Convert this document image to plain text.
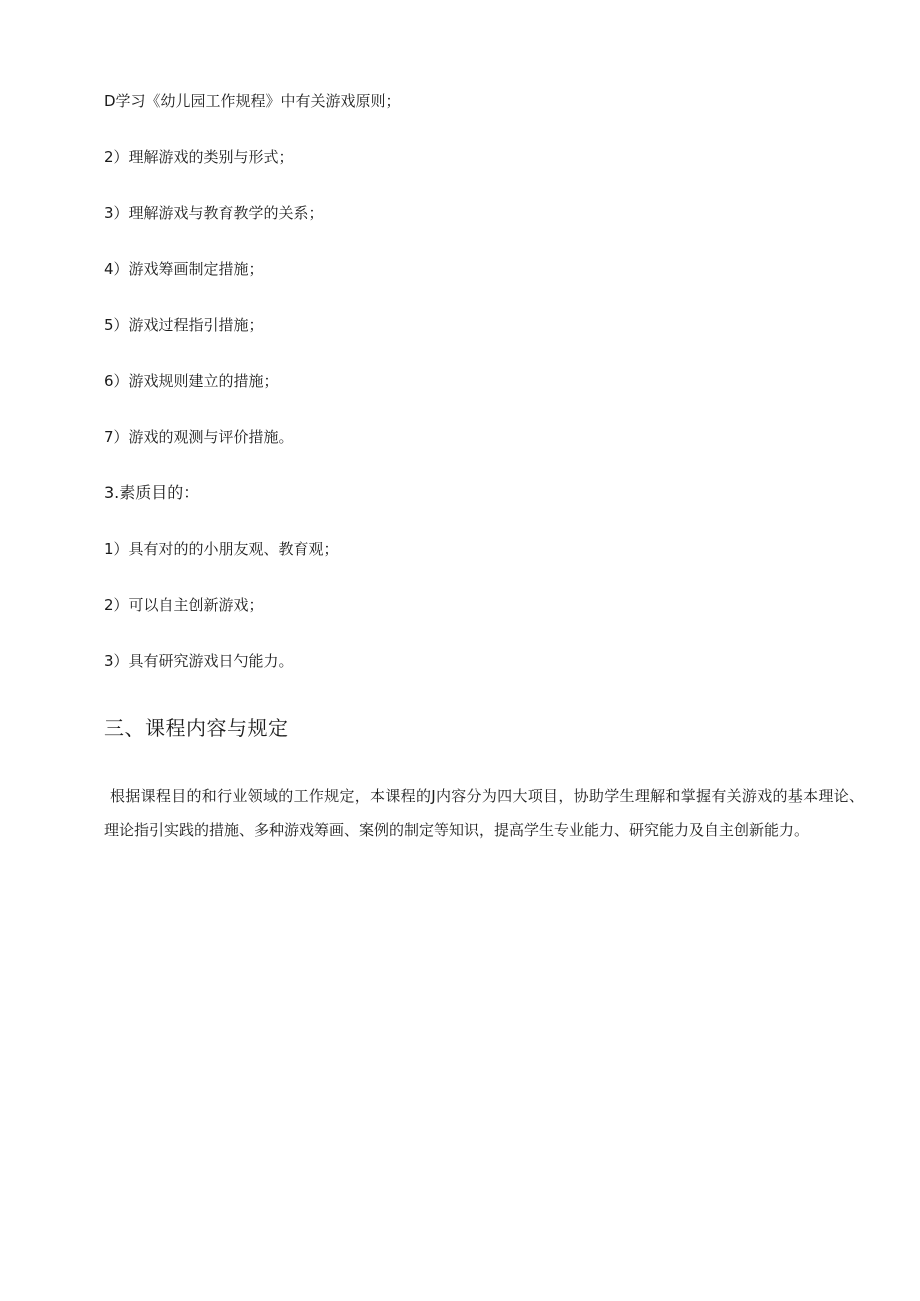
D学习《幼儿园工作规程》中有关游戏原则；
2）理解游戏的类别与形式；
3）理解游戏与教育教学的关系；
4）游戏筹画制定措施；
5）游戏过程指引措施；
6）游戏规则建立的措施；
7）游戏的观测与评价措施。
3.素质目的：
1）具有对的的小朋友观、教育观；
2）可以自主创新游戏；
3）具有研究游戏日勺能力。
三、课程内容与规定
根据课程目的和行业领域的工作规定，本课程的J内容分为四大项目，协助学生理解和掌握有关游戏的基本理论、理论指引实践的措施、多种游戏筹画、案例的制定等知识，提高学生专业能力、研究能力及自主创新能力。
